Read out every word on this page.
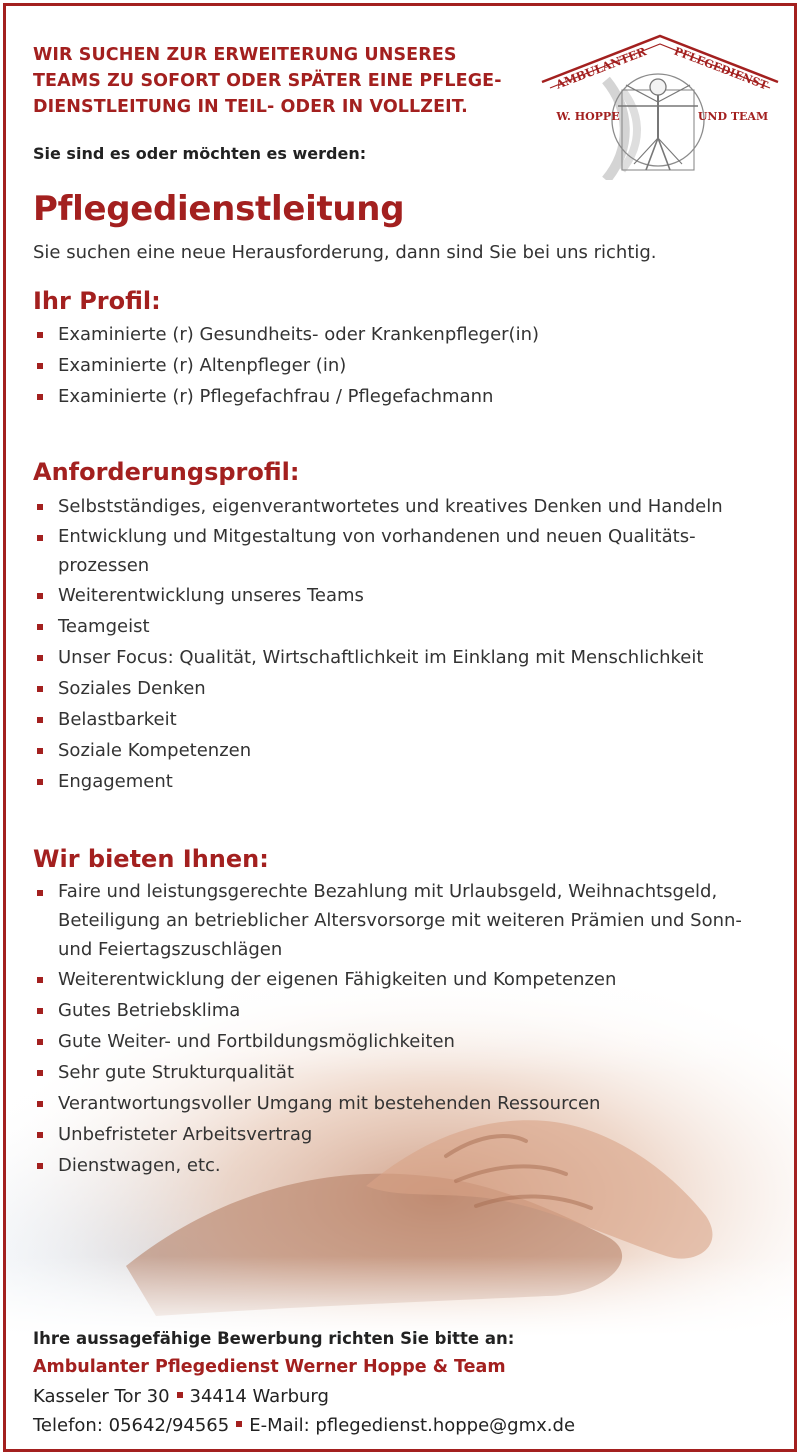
WIR SUCHEN ZUR ERWEITERUNG UNSERES
TEAMS ZU SOFORT ODER SPÄTER EINE PFLEGE-
DIENSTLEITUNG IN TEIL- ODER IN VOLLZEIT.
Sie sind es oder möchten es werden:
AMBULANTER PFLEGEDIENST
W. HOPPE	UND TEAM
Pflegedienstleitung
Sie suchen eine neue Herausforderung, dann sind Sie bei uns richtig.
Ihr Profil:
Examinierte (r) Gesundheits- oder Krankenpfleger(in)
Examinierte (r) Altenpfleger (in)
Examinierte (r) Pflegefachfrau / Pflegefachmann
Anforderungsprofil:
Selbstständiges, eigenverantwortetes und kreatives Denken und Handeln
Entwicklung und Mitgestaltung von vorhandenen und neuen Qualitäts-
prozessen
Weiterentwicklung unseres Teams
Teamgeist
Unser Focus: Qualität, Wirtschaftlichkeit im Einklang mit Menschlichkeit
Soziales Denken
Belastbarkeit
Soziale Kompetenzen
Engagement
Wir bieten Ihnen:
Faire und leistungsgerechte Bezahlung mit Urlaubsgeld, Weihnachtsgeld, Beteiligung an betrieblicher Altersvorsorge mit weiteren Prämien und Sonn- und Feiertagszuschlägen
Weiterentwicklung der eigenen Fähigkeiten und Kompetenzen
Gutes Betriebsklima
Gute Weiter- und Fortbildungsmöglichkeiten
Sehr gute Strukturqualität
Verantwortungsvoller Umgang mit bestehenden Ressourcen
Unbefristeter Arbeitsvertrag
Dienstwagen, etc.
Ihre aussagefähige Bewerbung richten Sie bitte an:
Ambulanter Pflegedienst Werner Hoppe & Team
Kasseler Tor 30 34414 Warburg
Telefon: 05642/94565 E-Mail: pflegedienst.hoppe@gmx.de
